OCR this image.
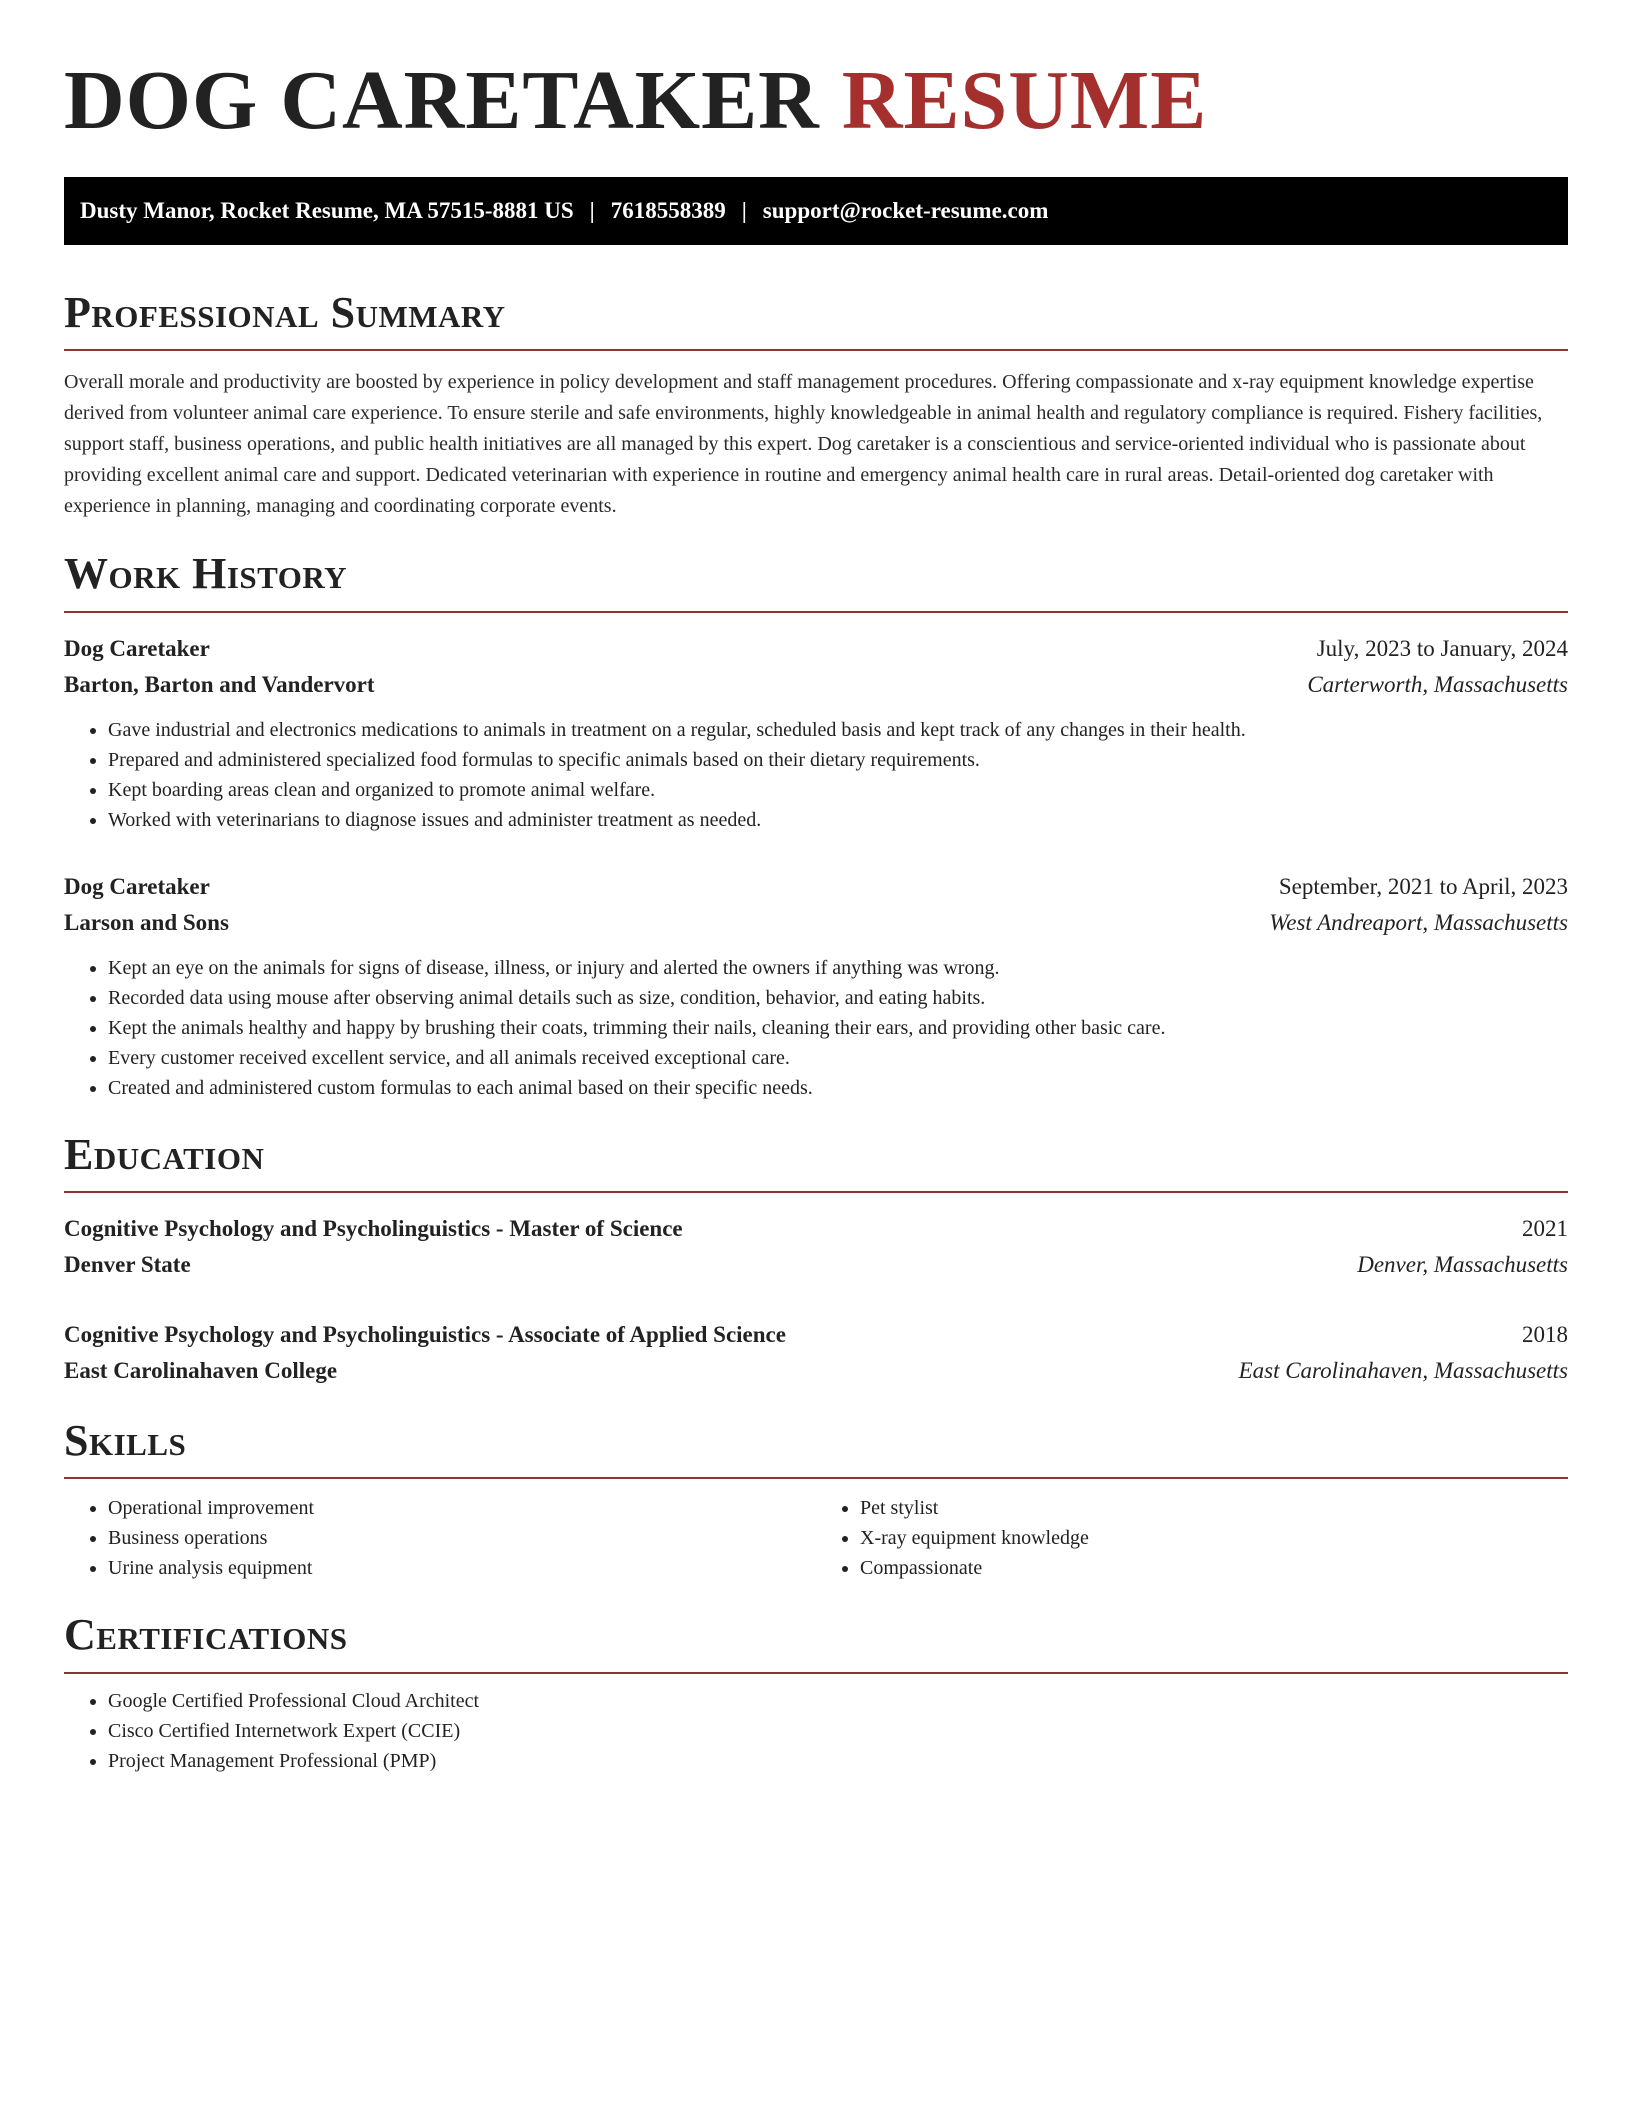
DOG CARETAKER RESUME
Dusty Manor, Rocket Resume, MA 57515-8881 US | 7618558389 | support@rocket-resume.com
Professional Summary

Overall morale and productivity are boosted by experience in policy development and staff management procedures. Offering compassionate and x-ray equipment knowledge expertise derived from volunteer animal care experience. To ensure sterile and safe environments, highly knowledgeable in animal health and regulatory compliance is required. Fishery facilities, support staff, business operations, and public health initiatives are all managed by this expert. Dog caretaker is a conscientious and service-oriented individual who is passionate about providing excellent animal care and support. Dedicated veterinarian with experience in routine and emergency animal health care in rural areas. Detail-oriented dog caretaker with experience in planning, managing and coordinating corporate events.

Work History
Dog Caretaker	July, 2023 to January, 2024
Barton, Barton and Vandervort	Carterworth, Massachusetts
• Gave industrial and electronics medications to animals in treatment on a regular, scheduled basis and kept track of any changes in their health.
• Prepared and administered specialized food formulas to specific animals based on their dietary requirements.
• Kept boarding areas clean and organized to promote animal welfare.
• Worked with veterinarians to diagnose issues and administer treatment as needed.
Dog Caretaker	September, 2021 to April, 2023
Larson and Sons	West Andreaport, Massachusetts
• Kept an eye on the animals for signs of disease, illness, or injury and alerted the owners if anything was wrong.
• Recorded data using mouse after observing animal details such as size, condition, behavior, and eating habits.
• Kept the animals healthy and happy by brushing their coats, trimming their nails, cleaning their ears, and providing other basic care.
• Every customer received excellent service, and all animals received exceptional care.
• Created and administered custom formulas to each animal based on their specific needs.
Education
Cognitive Psychology and Psycholinguistics - Master of Science	2021
Denver State	Denver, Massachusetts
Cognitive Psychology and Psycholinguistics - Associate of Applied Science	2018
East Carolinahaven College	East Carolinahaven, Massachusetts
Skills
• Operational improvement
• Business operations
• Urine analysis equipment
• Pet stylist
• X-ray equipment knowledge
• Compassionate
Certifications
• Google Certified Professional Cloud Architect
• Cisco Certified Internetwork Expert (CCIE)
• Project Management Professional (PMP)
